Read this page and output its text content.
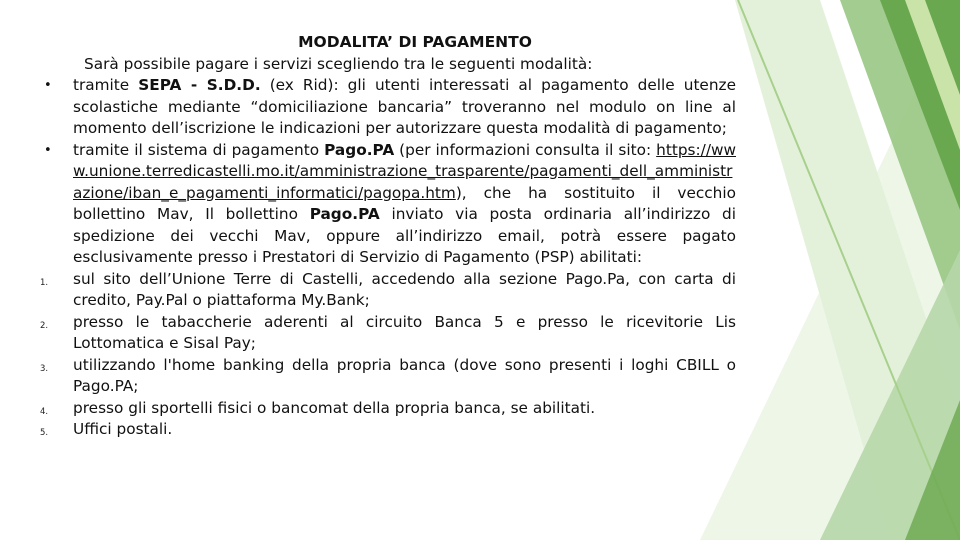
MODALITA’ DI PAGAMENTO

Sarà possibile pagare i servizi scegliendo tra le seguenti modalità:

• tramite SEPA - S.D.D. (ex Rid): gli utenti interessati al pagamento delle utenze scolastiche mediante “domiciliazione bancaria” troveranno nel modulo on line al momento dell’iscrizione le indicazioni per autorizzare questa modalità di pagamento;
• tramite il sistema di pagamento Pago.PA (per informazioni consulta il sito: https://www.unione.terredicastelli.mo.it/amministrazione_trasparente/pagamenti_dell_amministrazione/iban_e_pagamenti_informatici/pagopa.htm), che ha sostituito il vecchio bollettino Mav, Il bollettino Pago.PA inviato via posta ordinaria all’indirizzo di spedizione dei vecchi Mav, oppure all’indirizzo email, potrà essere pagato esclusivamente presso i Prestatori di Servizio di Pagamento (PSP) abilitati:
1. sul sito dell’Unione Terre di Castelli, accedendo alla sezione Pago.Pa, con carta di credito, Pay.Pal o piattaforma My.Bank;
2. presso le tabaccherie aderenti al circuito Banca 5 e presso le ricevitorie Lis Lottomatica e Sisal Pay;
3. utilizzando l'home banking della propria banca (dove sono presenti i loghi CBILL o Pago.PA;
4. presso gli sportelli fisici o bancomat della propria banca, se abilitati.
5. Uffici postali.
